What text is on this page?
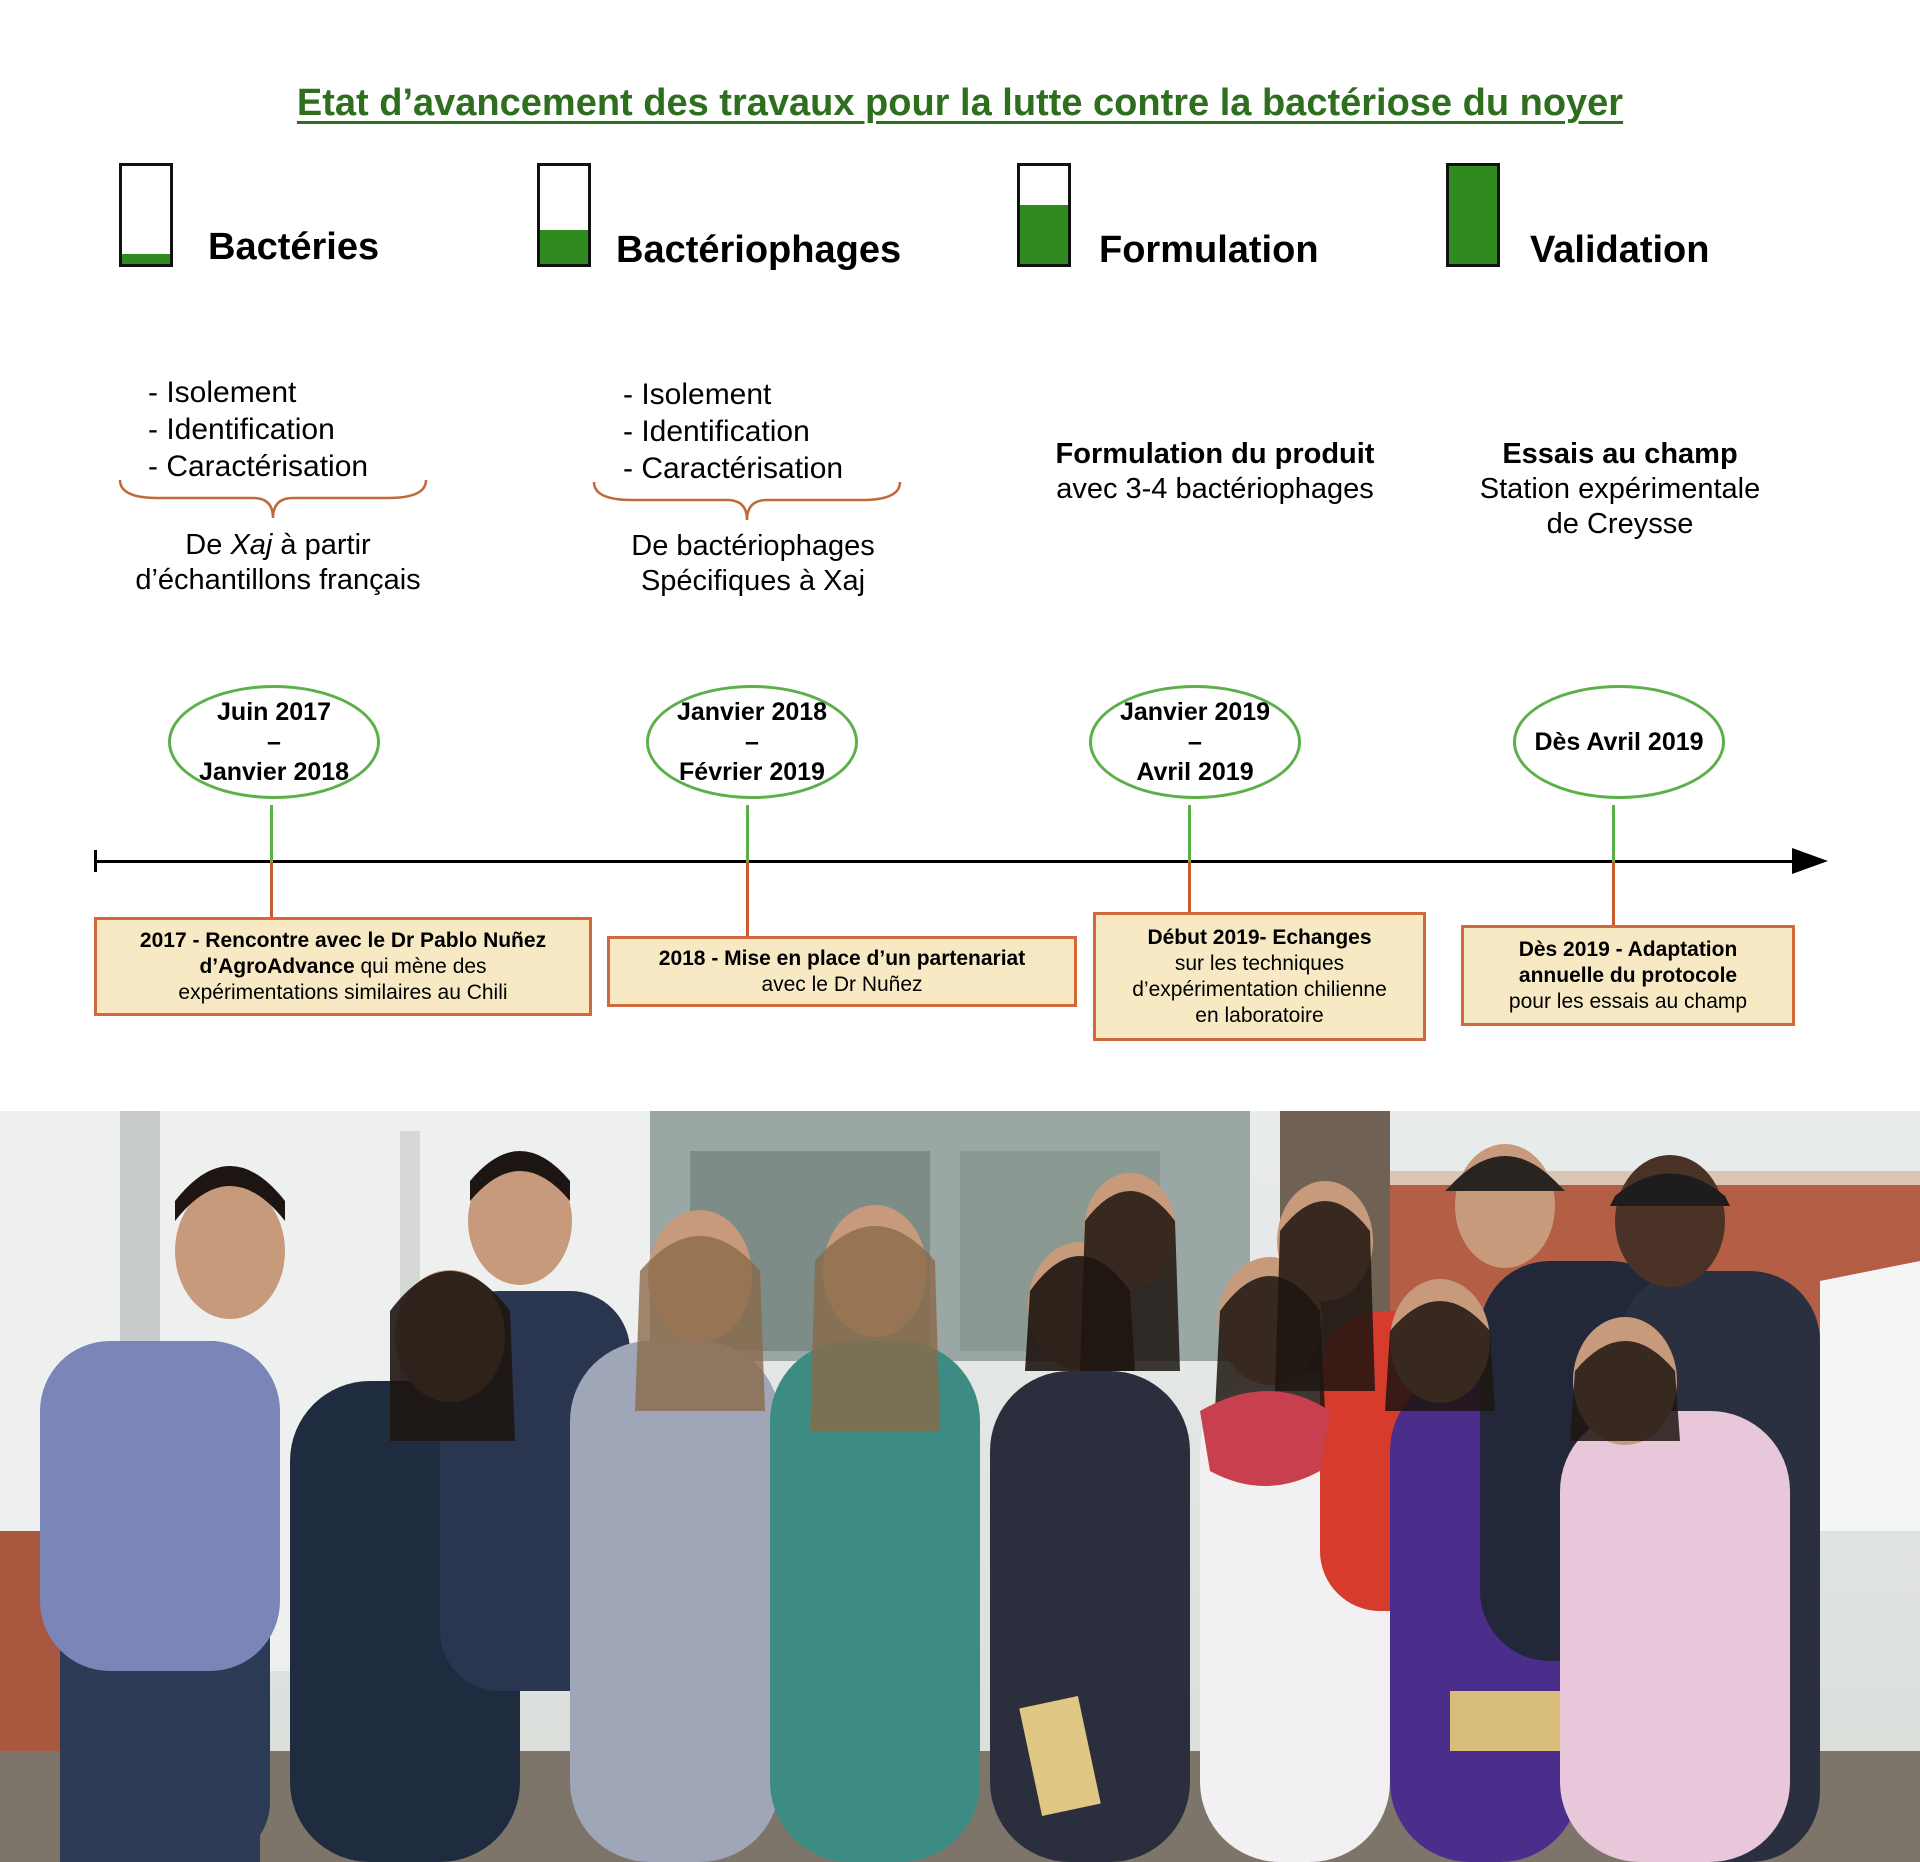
Etat d’avancement des travaux pour la lutte contre la bactériose du noyer
Bactéries	Bactériophages	Formulation	Validation
- Isolement
- Identification
- Caractérisation
De Xaj à partir
d’échantillons français
- Isolement
- Identification
- Caractérisation
De bactériophages
Spécifiques à Xaj
Formulation du produit
avec 3-4 bactériophages
Essais au champ
Station expérimentale
de Creysse
Juin 2017
–
Janvier 2018
Janvier 2018
–
Février 2019
Janvier 2019
–
Avril 2019
Dès Avril 2019
2017 - Rencontre avec le Dr Pablo Nuñez
d’AgroAdvance qui mène des
expérimentations similaires au Chili
2018 - Mise en place d’un partenariat
avec le Dr Nuñez
Début 2019- Echanges
sur les techniques
d’expérimentation chilienne
en laboratoire
Dès 2019 - Adaptation
annuelle du protocole
pour les essais au champ
